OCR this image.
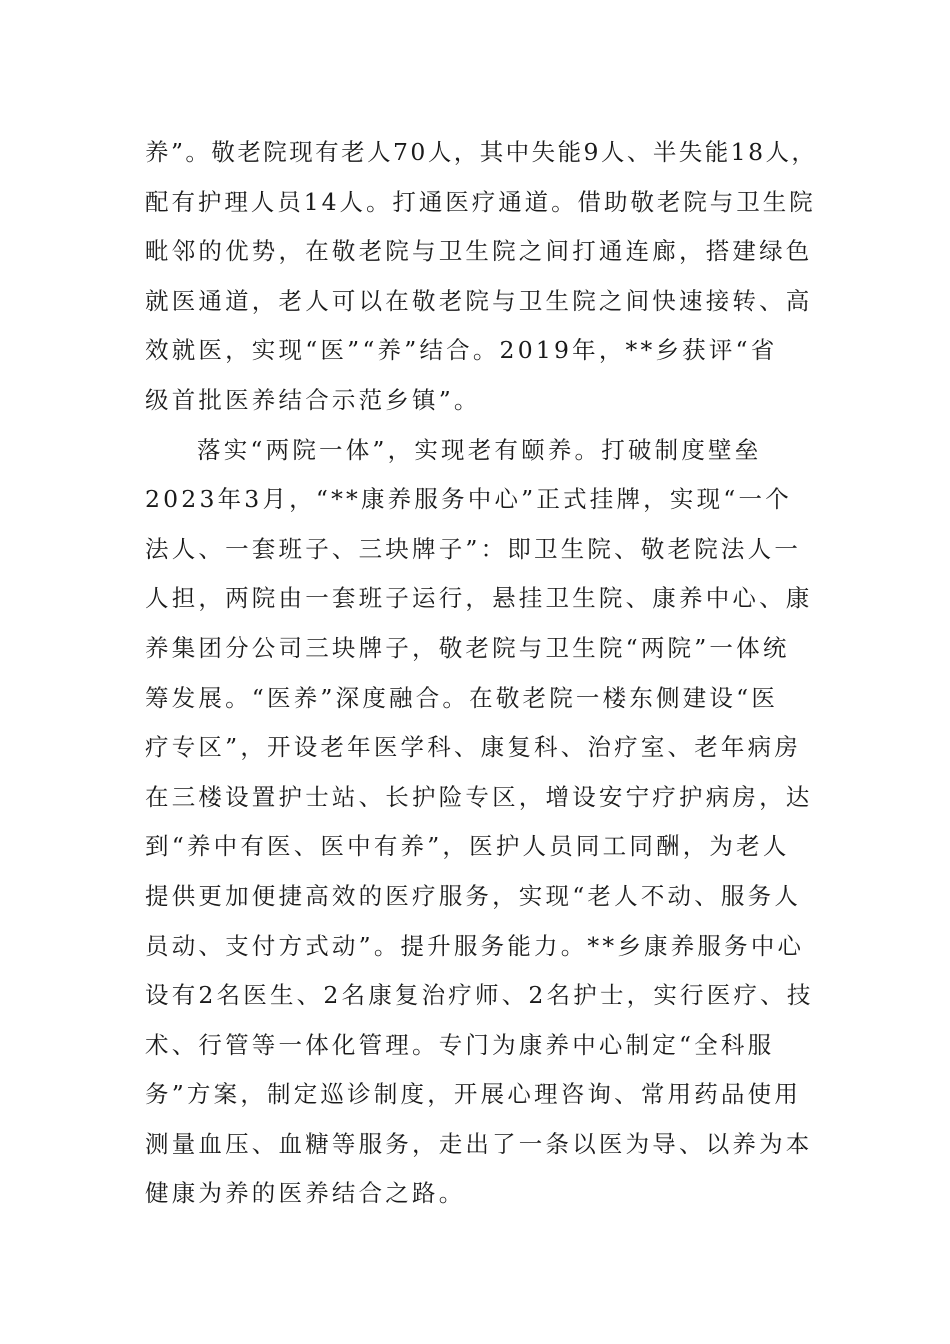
养”。敬老院现有老人70人，其中失能9人、半失能18人，
配有护理人员14人。打通医疗通道。借助敬老院与卫生院
毗邻的优势，在敬老院与卫生院之间打通连廊，搭建绿色
就医通道，老人可以在敬老院与卫生院之间快速接转、高
效就医，实现“医”“养”结合。2019年，**乡获评“省
级首批医养结合示范乡镇”。
落实“两院一体”，实现老有颐养。打破制度壁垒
2023年3月，“**康养服务中心”正式挂牌，实现“一个
法人、一套班子、三块牌子”：即卫生院、敬老院法人一
人担，两院由一套班子运行，悬挂卫生院、康养中心、康
养集团分公司三块牌子，敬老院与卫生院“两院”一体统
筹发展。“医养”深度融合。在敬老院一楼东侧建设“医
疗专区”，开设老年医学科、康复科、治疗室、老年病房
在三楼设置护士站、长护险专区，增设安宁疗护病房，达
到“养中有医、医中有养”，医护人员同工同酬，为老人
提供更加便捷高效的医疗服务，实现“老人不动、服务人
员动、支付方式动”。提升服务能力。**乡康养服务中心
设有2名医生、2名康复治疗师、2名护士，实行医疗、技
术、行管等一体化管理。专门为康养中心制定“全科服
务”方案，制定巡诊制度，开展心理咨询、常用药品使用
测量血压、血糖等服务，走出了一条以医为导、以养为本
健康为养的医养结合之路。
